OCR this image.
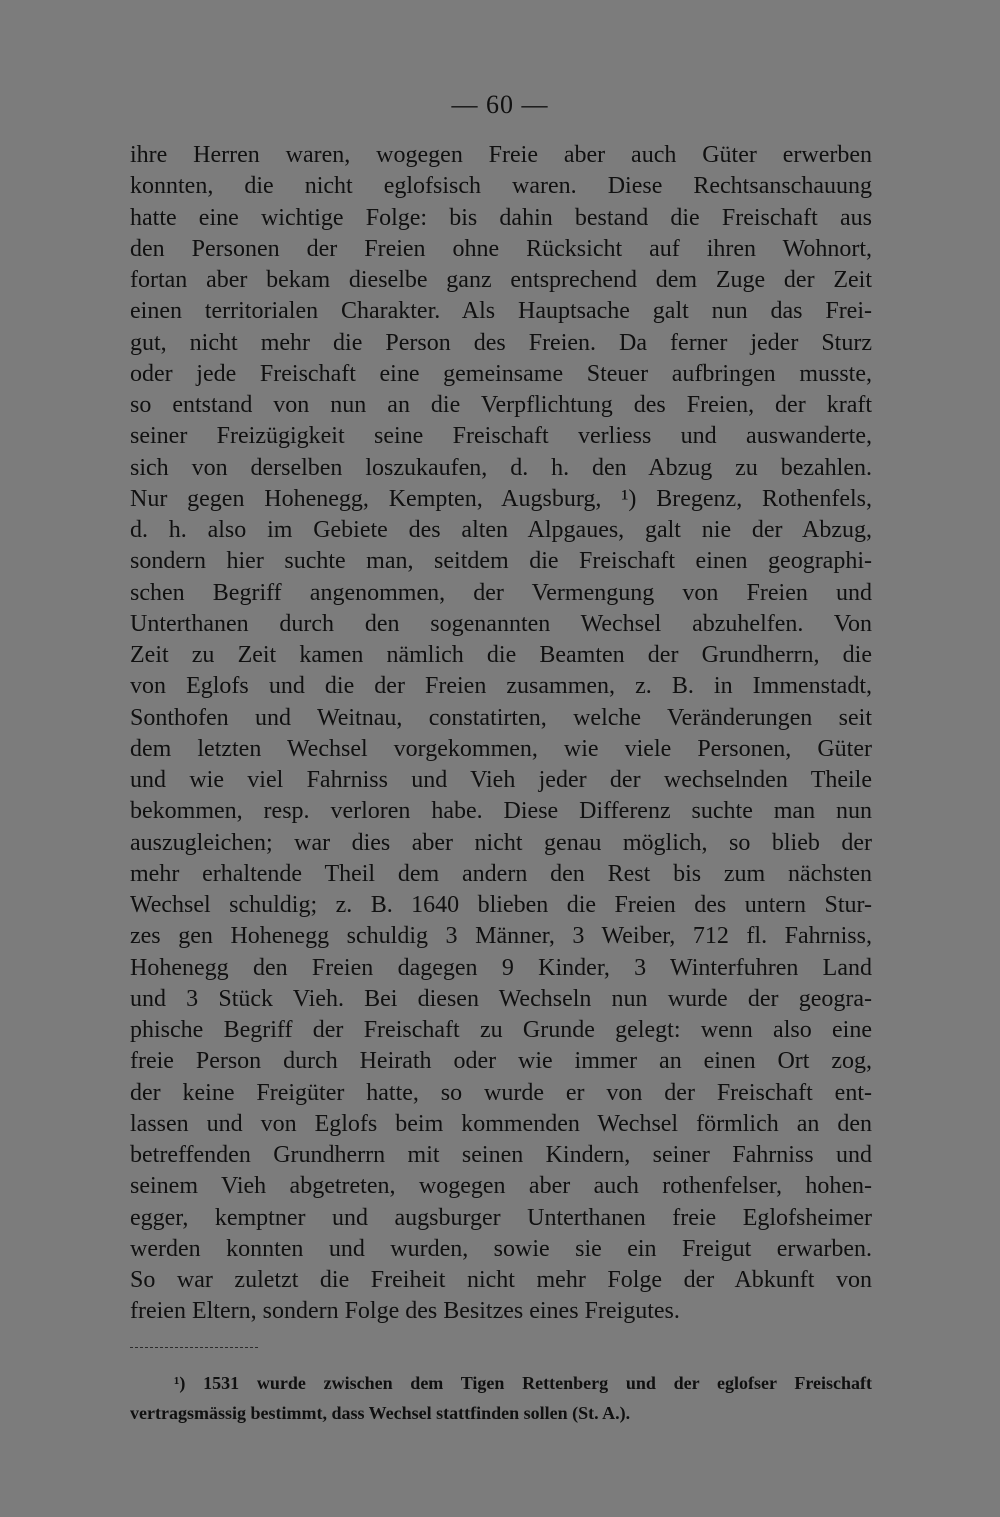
— 60 —
ihre Herren waren, wogegen Freie aber auch Güter erwerben
konnten, die nicht eglofsisch waren. Diese Rechtsanschauung
hatte eine wichtige Folge: bis dahin bestand die Freischaft aus
den Personen der Freien ohne Rücksicht auf ihren Wohnort,
fortan aber bekam dieselbe ganz entsprechend dem Zuge der Zeit
einen territorialen Charakter. Als Hauptsache galt nun das Frei-
gut, nicht mehr die Person des Freien. Da ferner jeder Sturz
oder jede Freischaft eine gemeinsame Steuer aufbringen musste,
so entstand von nun an die Verpflichtung des Freien, der kraft
seiner Freizügigkeit seine Freischaft verliess und auswanderte,
sich von derselben loszukaufen, d. h. den Abzug zu bezahlen.
Nur gegen Hohenegg, Kempten, Augsburg, ¹) Bregenz, Rothenfels,
d. h. also im Gebiete des alten Alpgaues, galt nie der Abzug,
sondern hier suchte man, seitdem die Freischaft einen geographi-
schen Begriff angenommen, der Vermengung von Freien und
Unterthanen durch den sogenannten Wechsel abzuhelfen. Von
Zeit zu Zeit kamen nämlich die Beamten der Grundherrn, die
von Eglofs und die der Freien zusammen, z. B. in Immenstadt,
Sonthofen und Weitnau, constatirten, welche Veränderungen seit
dem letzten Wechsel vorgekommen, wie viele Personen, Güter
und wie viel Fahrniss und Vieh jeder der wechselnden Theile
bekommen, resp. verloren habe. Diese Differenz suchte man nun
auszugleichen; war dies aber nicht genau möglich, so blieb der
mehr erhaltende Theil dem andern den Rest bis zum nächsten
Wechsel schuldig; z. B. 1640 blieben die Freien des untern Stur-
zes gen Hohenegg schuldig 3 Männer, 3 Weiber, 712 fl. Fahrniss,
Hohenegg den Freien dagegen 9 Kinder, 3 Winterfuhren Land
und 3 Stück Vieh. Bei diesen Wechseln nun wurde der geogra-
phische Begriff der Freischaft zu Grunde gelegt: wenn also eine
freie Person durch Heirath oder wie immer an einen Ort zog,
der keine Freigüter hatte, so wurde er von der Freischaft ent-
lassen und von Eglofs beim kommenden Wechsel förmlich an den
betreffenden Grundherrn mit seinen Kindern, seiner Fahrniss und
seinem Vieh abgetreten, wogegen aber auch rothenfelser, hohen-
egger, kemptner und augsburger Unterthanen freie Eglofsheimer
werden konnten und wurden, sowie sie ein Freigut erwarben.
So war zuletzt die Freiheit nicht mehr Folge der Abkunft von
freien Eltern, sondern Folge des Besitzes eines Freigutes.
¹) 1531 wurde zwischen dem Tigen Rettenberg und der eglofser Freischaft
vertragsmässig bestimmt, dass Wechsel stattfinden sollen (St. A.).
